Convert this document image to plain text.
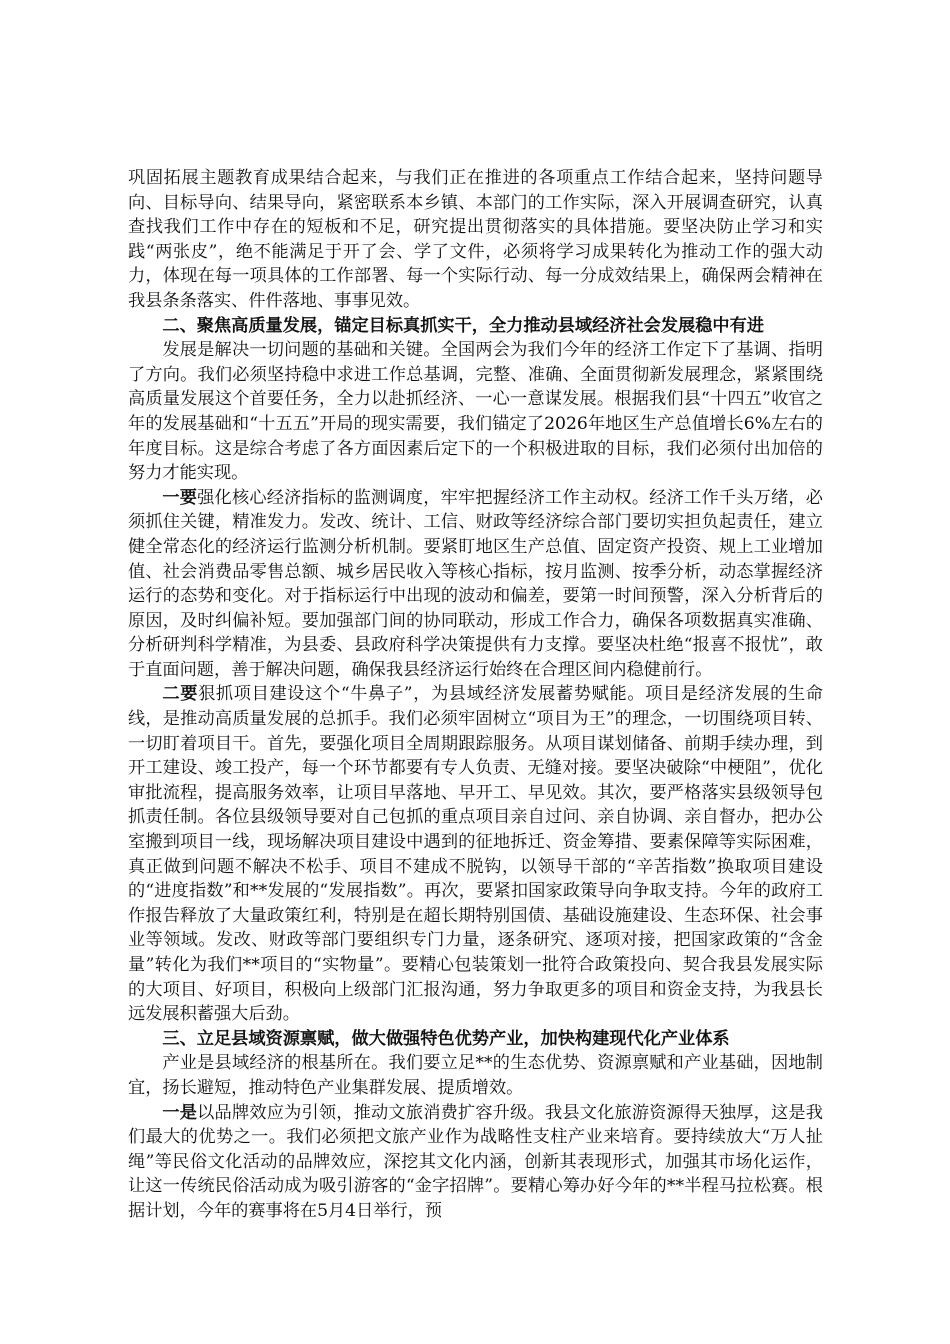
巩固拓展主题教育成果结合起来，与我们正在推进的各项重点工作结合起来，坚持问题导向、目标导向、结果导向，紧密联系本乡镇、本部门的工作实际，深入开展调查研究，认真查找我们工作中存在的短板和不足，研究提出贯彻落实的具体措施。要坚决防止学习和实践“两张皮”，绝不能满足于开了会、学了文件，必须将学习成果转化为推动工作的强大动力，体现在每一项具体的工作部署、每一个实际行动、每一分成效结果上，确保两会精神在我县条条落实、件件落地、事事见效。

二、聚焦高质量发展，锚定目标真抓实干，全力推动县域经济社会发展稳中有进

发展是解决一切问题的基础和关键。全国两会为我们今年的经济工作定下了基调、指明了方向。我们必须坚持稳中求进工作总基调，完整、准确、全面贯彻新发展理念，紧紧围绕高质量发展这个首要任务，全力以赴抓经济、一心一意谋发展。根据我们县“十四五”收官之年的发展基础和“十五五”开局的现实需要，我们锚定了2026年地区生产总值增长6%左右的年度目标。这是综合考虑了各方面因素后定下的一个积极进取的目标，我们必须付出加倍的努力才能实现。

一要强化核心经济指标的监测调度，牢牢把握经济工作主动权。经济工作千头万绪，必须抓住关键，精准发力。发改、统计、工信、财政等经济综合部门要切实担负起责任，建立健全常态化的经济运行监测分析机制。要紧盯地区生产总值、固定资产投资、规上工业增加值、社会消费品零售总额、城乡居民收入等核心指标，按月监测、按季分析，动态掌握经济运行的态势和变化。对于指标运行中出现的波动和偏差，要第一时间预警，深入分析背后的原因，及时纠偏补短。要加强部门间的协同联动，形成工作合力，确保各项数据真实准确、分析研判科学精准，为县委、县政府科学决策提供有力支撑。要坚决杜绝“报喜不报忧”，敢于直面问题，善于解决问题，确保我县经济运行始终在合理区间内稳健前行。

二要狠抓项目建设这个“牛鼻子”，为县域经济发展蓄势赋能。项目是经济发展的生命线，是推动高质量发展的总抓手。我们必须牢固树立“项目为王”的理念，一切围绕项目转、一切盯着项目干。首先，要强化项目全周期跟踪服务。从项目谋划储备、前期手续办理，到开工建设、竣工投产，每一个环节都要有专人负责、无缝对接。要坚决破除“中梗阻”，优化审批流程，提高服务效率，让项目早落地、早开工、早见效。其次，要严格落实县级领导包抓责任制。各位县级领导要对自己包抓的重点项目亲自过问、亲自协调、亲自督办，把办公室搬到项目一线，现场解决项目建设中遇到的征地拆迁、资金筹措、要素保障等实际困难，真正做到问题不解决不松手、项目不建成不脱钩，以领导干部的“辛苦指数”换取项目建设的“进度指数”和**发展的“发展指数”。再次，要紧扣国家政策导向争取支持。今年的政府工作报告释放了大量政策红利，特别是在超长期特别国债、基础设施建设、生态环保、社会事业等领域。发改、财政等部门要组织专门力量，逐条研究、逐项对接，把国家政策的“含金量”转化为我们**项目的“实物量”。要精心包装策划一批符合政策投向、契合我县发展实际的大项目、好项目，积极向上级部门汇报沟通，努力争取更多的项目和资金支持，为我县长远发展积蓄强大后劲。

三、立足县域资源禀赋，做大做强特色优势产业，加快构建现代化产业体系

产业是县域经济的根基所在。我们要立足**的生态优势、资源禀赋和产业基础，因地制宜，扬长避短，推动特色产业集群发展、提质增效。

一是以品牌效应为引领，推动文旅消费扩容升级。我县文化旅游资源得天独厚，这是我们最大的优势之一。我们必须把文旅产业作为战略性支柱产业来培育。要持续放大“万人扯绳”等民俗文化活动的品牌效应，深挖其文化内涵，创新其表现形式，加强其市场化运作，让这一传统民俗活动成为吸引游客的“金字招牌”。要精心筹办好今年的**半程马拉松赛。根据计划，今年的赛事将在5月4日举行，预
